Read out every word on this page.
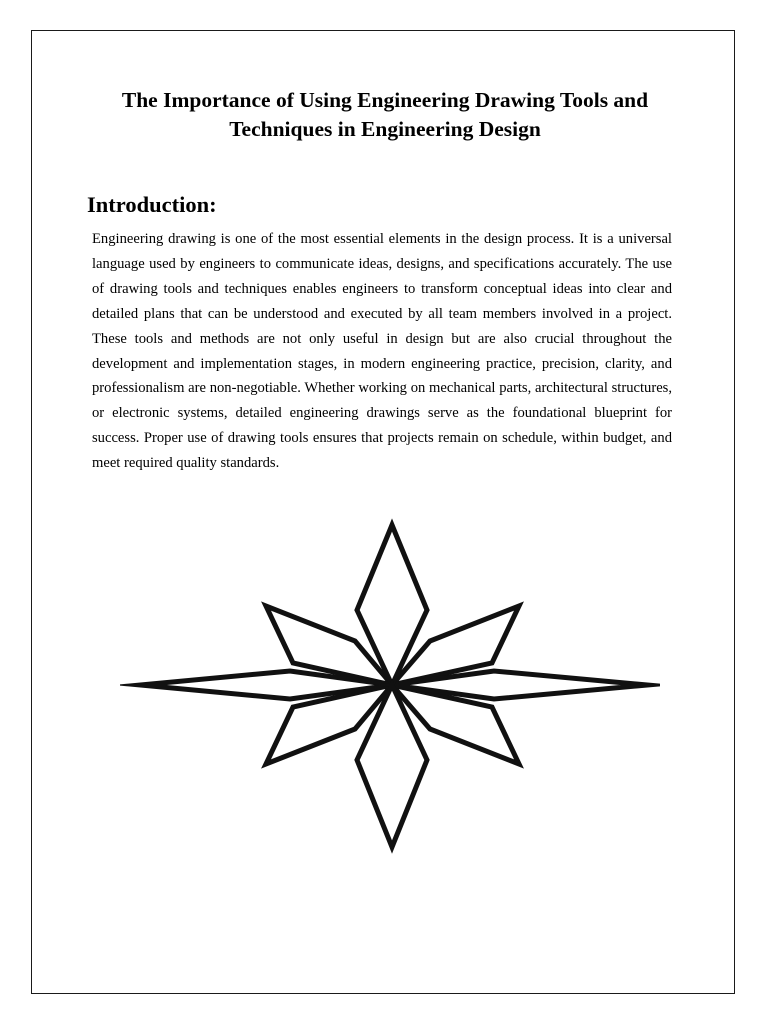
The Importance of Using Engineering Drawing Tools and
Techniques in Engineering Design
Introduction:

Engineering drawing is one of the most essential elements in the design process. It is a universal language used by engineers to communicate ideas, designs, and specifications accurately. The use of drawing tools and techniques enables engineers to transform conceptual ideas into clear and detailed plans that can be understood and executed by all team members involved in a project. These tools and methods are not only useful in design but are also crucial throughout the development and implementation stages, in modern engineering practice, precision, clarity, and professionalism are non-negotiable. Whether working on mechanical parts, architectural structures, or electronic systems, detailed engineering drawings serve as the foundational blueprint for success. Proper use of drawing tools ensures that projects remain on schedule, within budget, and meet required quality standards.
